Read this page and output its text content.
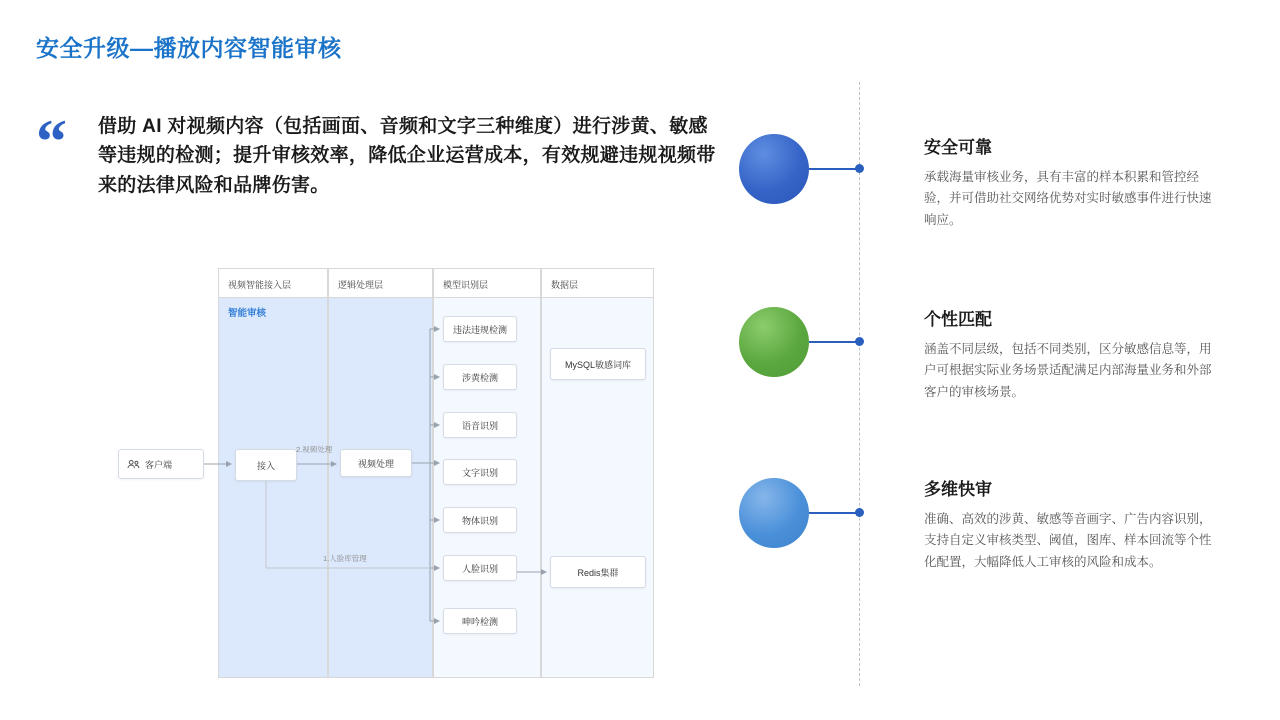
安全升级—播放内容智能审核
“ 借助 AI 对视频内容（包括画面、音频和文字三种维度）进行涉黄、敏感等违规的检测；提升审核效率，降低企业运营成本，有效规避违规视频带来的法律风险和品牌伤害。
视频智能接入层	逻辑处理层	模型识别层	数据层
智能审核
客户端	接入	视频处理
违法违规检测
涉黄检测
语音识别
文字识别
物体识别
人脸识别
呻吟检测
MySQL敏感词库
Redis集群
2.视频处理
1.人脸库管理
安全可靠
承载海量审核业务，具有丰富的样本积累和管控经验，并可借助社交网络优势对实时敏感事件进行快速响应。
个性匹配
涵盖不同层级，包括不同类别，区分敏感信息等，用户可根据实际业务场景适配满足内部海量业务和外部客户的审核场景。
多维快审
准确、高效的涉黄、敏感等音画字、广告内容识别，支持自定义审核类型、阈值，图库、样本回流等个性化配置，大幅降低人工审核的风险和成本。
